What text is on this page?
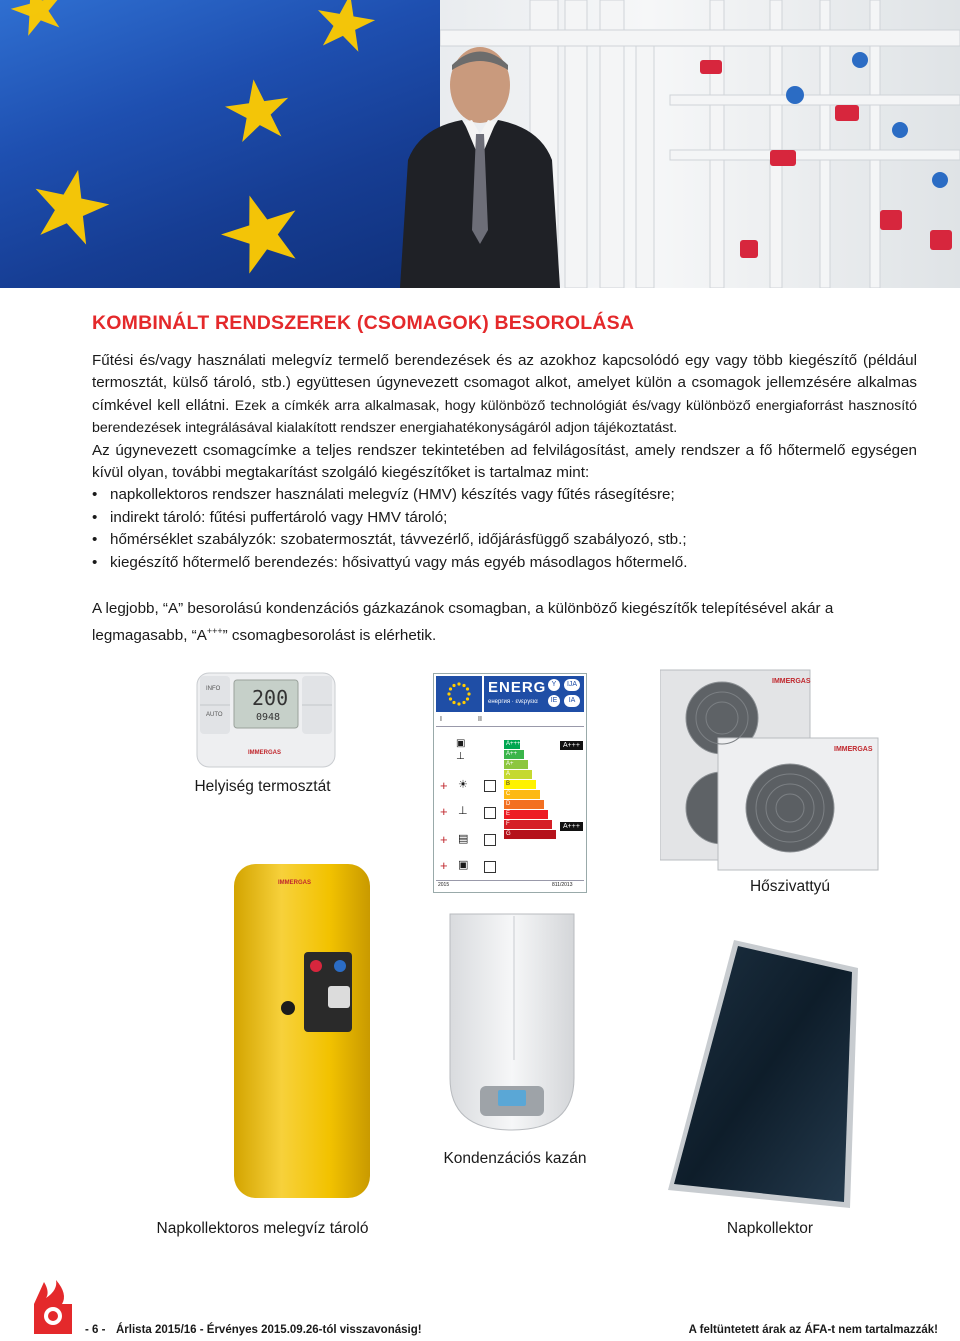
KOMBINÁLT RENDSZEREK (CSOMAGOK) BESOROLÁSA

Fűtési és/vagy használati melegvíz termelő berendezések és az azokhoz kapcsolódó egy vagy több kiegészítő (például termosztát, külső tároló, stb.) együttesen úgynevezett csomagot alkot, amelyet külön a csomagok jellemzésére alkalmas címkével kell ellátni. Ezek a címkék arra alkalmasak, hogy különböző technológiát és/vagy különböző energiaforrást hasznosító berendezések integrálásával kialakított rendszer energiahatékonyságáról adjon tájékoztatást.

Az úgynevezett csomagcímke a teljes rendszer tekintetében ad felvilágosítást, amely rendszer a fő hőtermelő egységen kívül olyan, további megtakarítást szolgáló kiegészítőket is tartalmaz mint:

• napkollektoros rendszer használati melegvíz (HMV) készítés vagy fűtés rásegítésre;
• indirekt tároló: fűtési puffertároló vagy HMV tároló;
• hőmérséklet szabályzók: szobatermosztát, távvezérlő, időjárásfüggő szabályozó, stb.;
• kiegészítő hőtermelő berendezés: hősivattyú vagy más egyéb másodlagos hőtermelő.

A legjobb, “A” besorolású kondenzációs gázkazánok csomagban, a különböző kiegészítők telepítésével akár a legmagasabb, “A+++” csomagbesorolást is elérhetik.

INFO
AUTO
200
0948
IMMERGAS
Helyiség termosztát
ENERG
енергия · ενεργεια
Y	IJA
IE	IA
I	II
▣
⊥
+ ☀
+ ⊥
+ ▤
+ ▣
A+++
A++
A+
A
B
C
D
E
F
G
A+++
A+++
2015	811/2013
IMMERGAS
IMMERGAS
Hőszivattyú
IMMERGAS
Napkollektoros melegvíz tároló
Kondenzációs kazán
Napkollektor
- 6 - Árlista 2015/16 - Érvényes 2015.09.26-tól visszavonásig!	A feltüntetett árak az ÁFA-t nem tartalmazzák!
